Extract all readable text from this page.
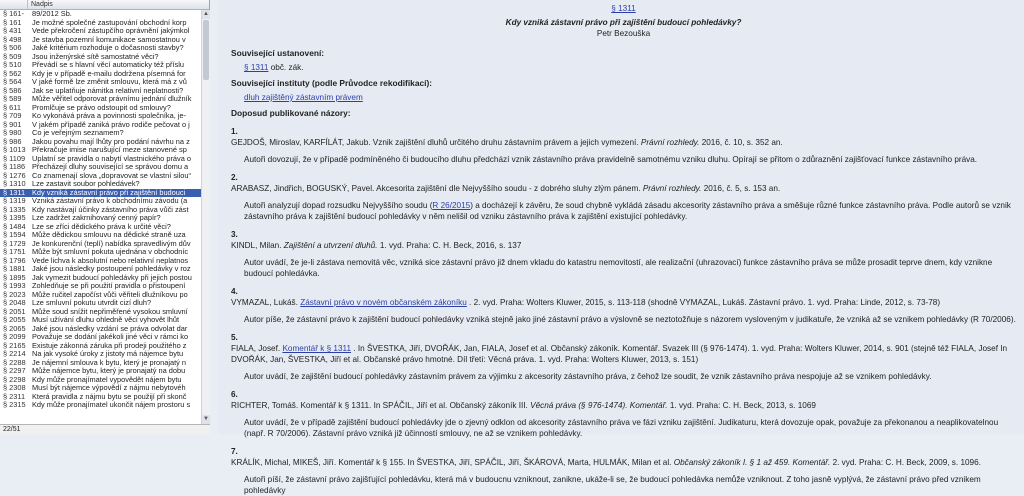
Nadpis
§ 161-	89/2012 Sb.
§ 161	Je možné společné zastupování obchodní korp
§ 431	Vede překročení zástupčího oprávnění jakýmkol
§ 498	Je stavba pozemní komunikace samostatnou v
§ 506	Jaké kritérium rozhoduje o dočasnosti stavby?
§ 509	Jsou inženýrské sítě samostatné věci?
§ 510	Převádí se s hlavní věcí automaticky též příslu
§ 562	Kdy je v případě e-mailu dodržena písemná for
§ 564	V jaké formě lze změnit smlouvu, která má z vů
§ 586	Jak se uplatňuje námitka relativní neplatnosti?
§ 589	Může věřitel odporovat právnímu jednání dlužník
§ 611	Promlčuje se právo odstoupit od smlouvy?
§ 709	Ko vykonává práva a povinnosti společníka, je-
§ 901	V jakém případě zaniká právo rodiče pečovat o j
§ 980	Co je veřejným seznamem?
§ 986	Jakou povahu mají lhůty pro podání návrhu na z
§ 1013 Překračuje imise narušující meze stanovené sp
§ 1109 Uplatní se pravidla o nabytí vlastnického práva o
§ 1186 Přecházejí dluhy související se správou domu a
§ 1276 Co znamenají slova „dopravovat se vlastní silou“
§ 1310 Lze zastavit soubor pohledávek?
§ 1311 Kdy vzniká zástavní právo při zajištění budouci
§ 1319 Vzniká zástavní právo k obchodnímu závodu (a
§ 1335 Kdy nastávají účinky zástavního práva vůči zást
§ 1395 Lze zadržet zakrnihovaný cenný papír?
§ 1484 Lze se zříci dědického práva k určité věci?
§ 1594 Může dědickou smlouvu na dědické straně uza
§ 1729 Je konkurenční (teplí) nabídka spravedlivým dův
§ 1751 Může být smluvní pokuta ujednána v obchodníc
§ 1796 Vede lichva k absolutní nebo relativní neplatnos
§ 1881 Jaké jsou následky postoupení pohledávky v roz
§ 1895 Jak vymezit budoucí pohledávky při jejich postou
§ 1993 Zohledňuje se při použití pravidla o přistoupení
§ 2023 Může ručitel započíst vůči věřiteli dlužníkovu po
§ 2048 Lze smluvní pokutu utvrdit cizí dluh?
§ 2051 Může soud snížit nepřiměřené vysokou smluvní
§ 2055 Musí užívání dluhu ohledně věci vyhovět lhůt
§ 2065 Jaké jsou následky vzdání se práva odvolat dar
§ 2099 Považuje se dodání jakékoli jiné věci v rámci ko
§ 2165 Existuje zákonná záruka při prodeji použitého z
§ 2214 Na jak vysoké úroky z jistoty má nájemce bytu
§ 2288 Je nájemní smlouva k bytu, který je pronajatý n
§ 2297 Může nájemce bytu, který je pronajatý na dobu
§ 2298 Kdy může pronajímatel vypovědět nájem bytu
§ 2308 Musí být nájemce výpovědí z nájmu nebytovéh
§ 2311 Která pravidla z nájmu bytu se použijí při skonč
§ 2315 Kdy může pronajímatel ukončit nájem prostoru s
▲
▼
22/51
§ 1311
Kdy vzniká zástavní právo při zajištění budoucí pohledávky?
Petr Bezouška
Související ustanovení:
§ 1311 obč. zák.
Související instituty (podle Průvodce rekodifikací):
dluh zajištěný zástavním právem
Doposud publikované názory:
1.
GEJDOŠ, Miroslav, KARFÍLÁT, Jakub. Vznik zajištění dluhů určitého druhu zástavním právem a jejich vymezení. Právní rozhledy. 2016, č. 10, s. 352 an.
Autoři dovozují, že v případě podmíněného či budoucího dluhu předchází vznik zástavního práva pravidelně samotnému vzniku dluhu. Opírají se přitom o zdůraznění zajišťovací funkce zástavního práva.
2.
ARABASZ, Jindřich, BOGUSKÝ, Pavel. Akcesorita zajištění dle Nejvyššího soudu - z dobrého sluhy zlým pánem. Právní rozhledy. 2016, č. 5, s. 153 an.
Autoři analyzují dopad rozsudku Nejvyššího soudu (R 26/2015) a docházejí k závěru, že soud chybně vykládá zásadu akcesority zástavního práva a směšuje různé funkce zástavního práva. Podle autorů se vznik zástavního práva k zajištění budoucí pohledávky v něm nelišil od vzniku zástavního práva k zajištění existující pohledávky.
3.
KINDL, Milan. Zajištění a utvrzení dluhů. 1. vyd. Praha: C. H. Beck, 2016, s. 137
Autor uvádí, že je-li zástava nemovitá věc, vzniká sice zástavní právo již dnem vkladu do katastru nemovitostí, ale realizační (uhrazovací) funkce zástavního práva se může prosadit teprve dnem, kdy vznikne budoucí pohledávka.
4.
VYMAZAL, Lukáš. Zástavní právo v novém občanském zákoníku . 2. vyd. Praha: Wolters Kluwer, 2015, s. 113-118 (shodně VYMAZAL, Lukáš. Zástavní právo. 1. vyd. Praha: Linde, 2012, s. 73-78)
Autor píše, že zástavní právo k zajištění budoucí pohledávky vzniká stejně jako jiné zástavní právo a výslovně se neztotožňuje s názorem vysloveným v judikatuře, že vzniká až se vznikem pohledávky (R 70/2006).
5.
FIALA, Josef. Komentář k § 1311 . In ŠVESTKA, Jiří, DVOŘÁK, Jan, FIALA, Josef et al. Občanský zákoník. Komentář. Svazek III (§ 976-1474). 1. vyd. Praha: Wolters Kluwer, 2014, s. 901 (stejně též FIALA, Josef In DVOŘÁK, Jan, ŠVESTKA, Jiří et al. Občanské právo hmotné. Díl třetí: Věcná práva. 1. vyd. Praha: Wolters Kluwer, 2013, s. 151)
Autor uvádí, že zajištění budoucí pohledávky zástavním právem za výjimku z akcesority zástavního práva, z čehož lze soudit, že vznik zástavního práva nespojuje až se vznikem pohledávky.
6.
RICHTER, Tomáš. Komentář k § 1311. In SPÁČIL, Jiří et al. Občanský zákoník III. Věcná práva (§ 976-1474). Komentář. 1. vyd. Praha: C. H. Beck, 2013, s. 1069
Autor uvádí, že v případě zajištění budoucí pohledávky jde o zjevný odklon od akcesority zástavního práva ve fázi vzniku zajištění. Judikaturu, která dovozuje opak, považuje za překonanou a neaplikovatelnou (např. R 70/2006). Zástavní právo vzniká již účinností smlouvy, ne až se vznikem pohledávky.
7.
KRÁLÍK, Michal, MIKEŠ, Jiří. Komentář k § 155. In ŠVESTKA, Jiří, SPÁČIL, Jiří, ŠKÁROVÁ, Marta, HULMÁK, Milan et al. Občanský zákoník I. § 1 až 459. Komentář. 2. vyd. Praha: C. H. Beck, 2009, s. 1096.
Autoři píší, že zástavní právo zajišťující pohledávku, která má v budoucnu vzniknout, zanikne, ukáže-li se, že budoucí pohledávka nemůže vzniknout. Z toho jasně vyplývá, že zástavní právo před vznikem pohledávky
